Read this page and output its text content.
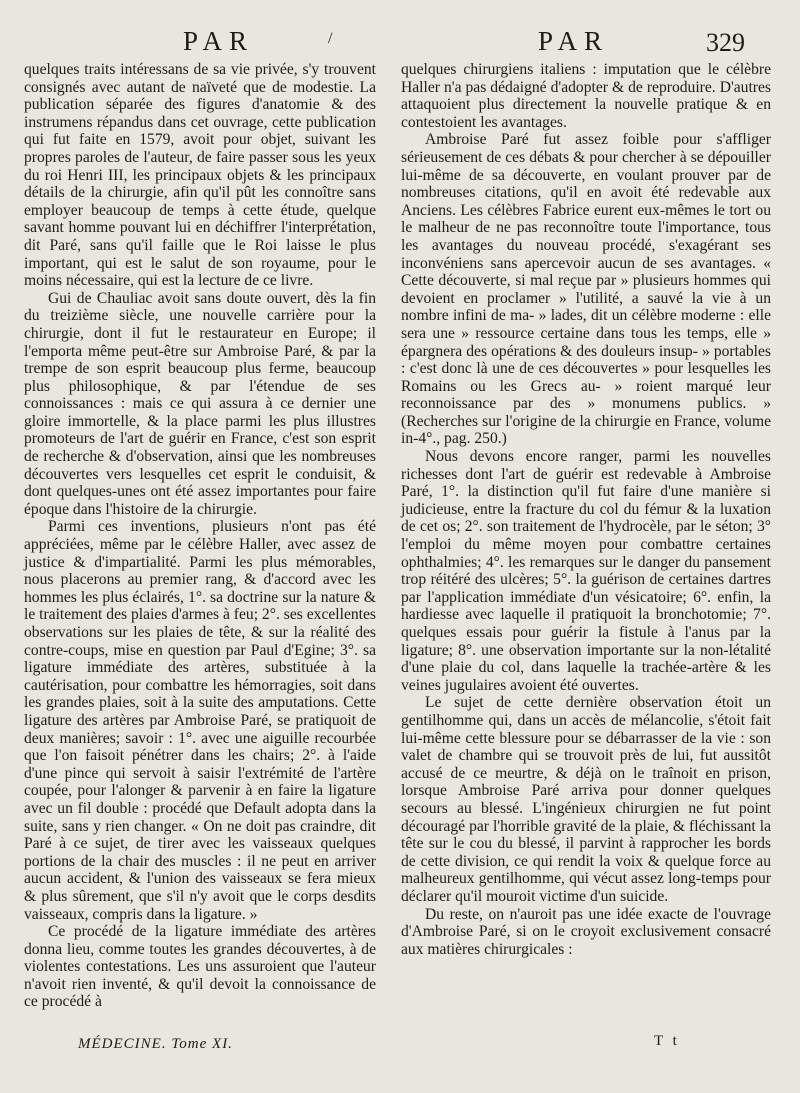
PAR	/	PAR	329

quelques traits intéressans de sa vie privée, s'y trouvent consignés avec autant de naïveté que de modestie. La publication séparée des figures d'anatomie & des instrumens répandus dans cet ouvrage, cette publication qui fut faite en 1579, avoit pour objet, suivant les propres paroles de l'auteur, de faire passer sous les yeux du roi Henri III, les principaux objets & les principaux détails de la chirurgie, afin qu'il pût les connoître sans employer beaucoup de temps à cette étude, quelque savant homme pouvant lui en déchiffrer l'interprétation, dit Paré, sans qu'il faille que le Roi laisse le plus important, qui est le salut de son royaume, pour le moins nécessaire, qui est la lecture de ce livre.

Gui de Chauliac avoit sans doute ouvert, dès la fin du treizième siècle, une nouvelle carrière pour la chirurgie, dont il fut le restaurateur en Europe; il l'emporta même peut-être sur Ambroise Paré, & par la trempe de son esprit beaucoup plus ferme, beaucoup plus philosophique, & par l'étendue de ses connoissances : mais ce qui assura à ce dernier une gloire immortelle, & la place parmi les plus illustres promoteurs de l'art de guérir en France, c'est son esprit de recherche & d'observation, ainsi que les nombreuses découvertes vers lesquelles cet esprit le conduisit, & dont quelques-unes ont été assez importantes pour faire époque dans l'histoire de la chirurgie.

Parmi ces inventions, plusieurs n'ont pas été appréciées, même par le célèbre Haller, avec assez de justice & d'impartialité. Parmi les plus mémorables, nous placerons au premier rang, & d'accord avec les hommes les plus éclairés, 1°. sa doctrine sur la nature & le traitement des plaies d'armes à feu; 2°. ses excellentes observations sur les plaies de tête, & sur la réalité des contre-coups, mise en question par Paul d'Egine; 3°. sa ligature immédiate des artères, substituée à la cautérisation, pour combattre les hémorragies, soit dans les grandes plaies, soit à la suite des amputations. Cette ligature des artères par Ambroise Paré, se pratiquoit de deux manières; savoir : 1°. avec une aiguille recourbée que l'on faisoit pénétrer dans les chairs; 2°. à l'aide d'une pince qui servoit à saisir l'extrémité de l'artère coupée, pour l'alonger & parvenir à en faire la ligature avec un fil double : procédé que Default adopta dans la suite, sans y rien changer. « On ne doit pas craindre, dit Paré à ce sujet, de tirer avec les vaisseaux quelques portions de la chair des muscles : il ne peut en arriver aucun accident, & l'union des vaisseaux se fera mieux & plus sûrement, que s'il n'y avoit que le corps desdits vaisseaux, compris dans la ligature. »

Ce procédé de la ligature immédiate des artères donna lieu, comme toutes les grandes découvertes, à de violentes contestations. Les uns assuroient que l'auteur n'avoit rien inventé, & qu'il devoit la connoissance de ce procédé à

quelques chirurgiens italiens : imputation que le célèbre Haller n'a pas dédaigné d'adopter & de reproduire. D'autres attaquoient plus directement la nouvelle pratique & en contestoient les avantages.

Ambroise Paré fut assez foible pour s'affliger sérieusement de ces débats & pour chercher à se dépouiller lui-même de sa découverte, en voulant prouver par de nombreuses citations, qu'il en avoit été redevable aux Anciens. Les célèbres Fabrice eurent eux-mêmes le tort ou le malheur de ne pas reconnoître toute l'importance, tous les avantages du nouveau procédé, s'exagérant ses inconvéniens sans apercevoir aucun de ses avantages. « Cette découverte, si mal reçue par » plusieurs hommes qui devoient en proclamer » l'utilité, a sauvé la vie à un nombre infini de ma- » lades, dit un célèbre moderne : elle sera une » ressource certaine dans tous les temps, elle » épargnera des opérations & des douleurs insup- » portables : c'est donc là une de ces découvertes » pour lesquelles les Romains ou les Grecs au- » roient marqué leur reconnoissance par des » monumens publics. » (Recherches sur l'origine de la chirurgie en France, volume in-4°., pag. 250.)

Nous devons encore ranger, parmi les nouvelles richesses dont l'art de guérir est redevable à Ambroise Paré, 1°. la distinction qu'il fut faire d'une manière si judicieuse, entre la fracture du col du fémur & la luxation de cet os; 2°. son traitement de l'hydrocèle, par le séton; 3° l'emploi du même moyen pour combattre certaines ophthalmies; 4°. les remarques sur le danger du pansement trop réitéré des ulcères; 5°. la guérison de certaines dartres par l'application immédiate d'un vésicatoire; 6°. enfin, la hardiesse avec laquelle il pratiquoit la bronchotomie; 7°. quelques essais pour guérir la fistule à l'anus par la ligature; 8°. une observation importante sur la non-létalité d'une plaie du col, dans laquelle la trachée-artère & les veines jugulaires avoient été ouvertes.

Le sujet de cette dernière observation étoit un gentilhomme qui, dans un accès de mélancolie, s'étoit fait lui-même cette blessure pour se débarrasser de la vie : son valet de chambre qui se trouvoit près de lui, fut aussitôt accusé de ce meurtre, & déjà on le traînoit en prison, lorsque Ambroise Paré arriva pour donner quelques secours au blessé. L'ingénieux chirurgien ne fut point découragé par l'horrible gravité de la plaie, & fléchissant la tête sur le cou du blessé, il parvint à rapprocher les bords de cette division, ce qui rendit la voix & quelque force au malheureux gentilhomme, qui vécut assez long-temps pour déclarer qu'il mouroit victime d'un suicide.

Du reste, on n'auroit pas une idée exacte de l'ouvrage d'Ambroise Paré, si on le croyoit exclusivement consacré aux matières chirurgicales :

MÉDECINE. Tome XI.	T t
